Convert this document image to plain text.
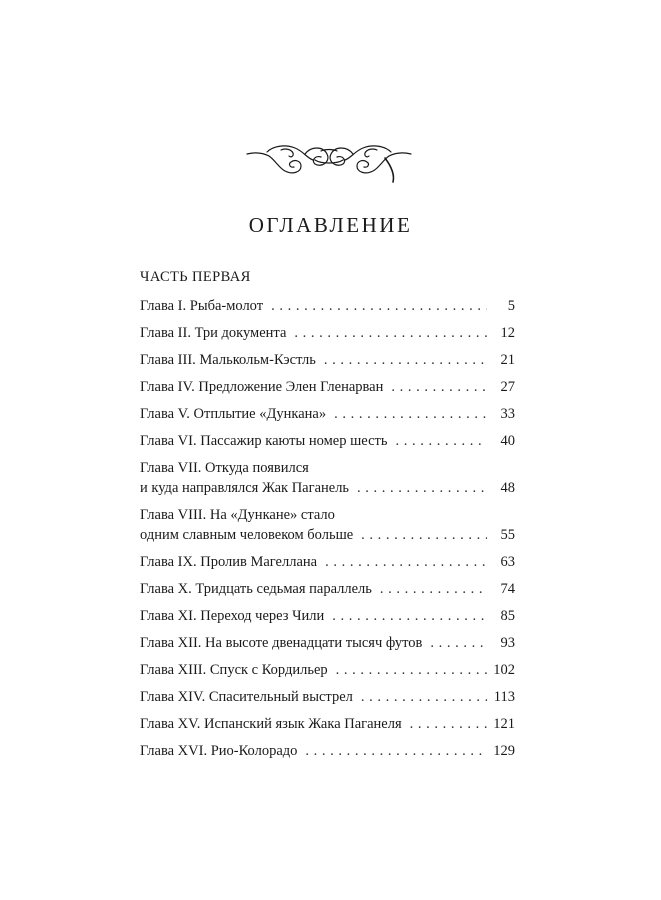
ОГЛАВЛЕНИЕ

ЧАСТЬ ПЕРВАЯ

Глава I. Рыба-молот . . .	5
Глава II. Три документа . . .	12
Глава III. Малькольм-Кэстль . . .	21
Глава IV. Предложение Элен Гленарван . . .	27
Глава V. Отплытие «Дункана» . . .	33
Глава VI. Пассажир каюты номер шесть . . .	40
Глава VII. Откуда появился
и куда направлялся Жак Паганель . . .	48
Глава VIII. На «Дункане» стало
одним славным человеком больше . . .	55
Глава IX. Пролив Магеллана . . .	63
Глава X. Тридцать седьмая параллель . . .	74
Глава XI. Переход через Чили . . .	85
Глава XII. На высоте двенадцати тысяч футов . . .	93
Глава XIII. Спуск с Кордильер . . .	102
Глава XIV. Спасительный выстрел . . .	113
Глава XV. Испанский язык Жака Паганеля . . .	121
Глава XVI. Рио-Колорадо . . .	129
